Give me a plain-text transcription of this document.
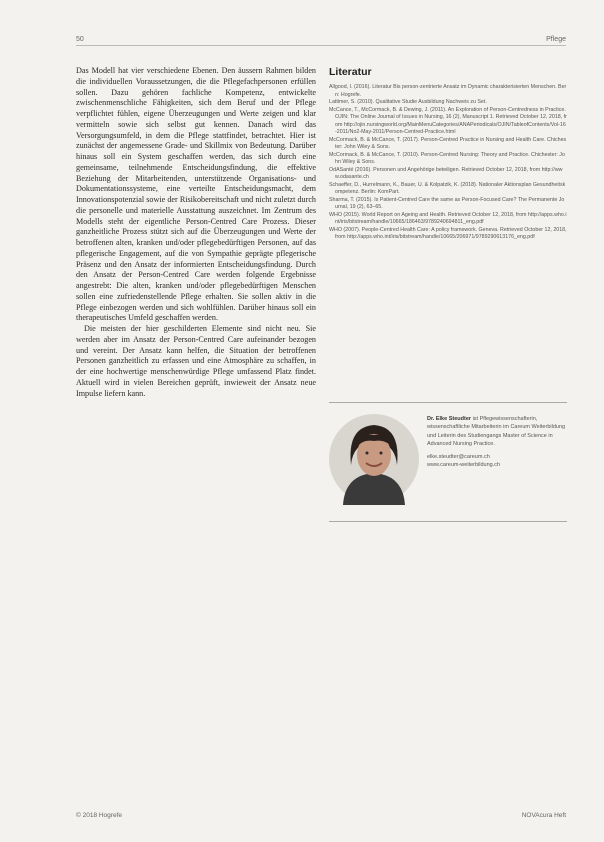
50	Pflege

Das Modell hat vier verschiedene Ebenen. Den äussern Rahmen bilden die individuellen Voraussetzungen, die die Pflegefachpersonen erfüllen sollen. Dazu gehören fachliche Kompetenz, entwickelte zwischenmenschliche Fähigkeiten, sich dem Beruf und der Pflege verpflichtet fühlen, eigene Überzeugungen und Werte zeigen und klar vermitteln sowie sich selbst gut kennen. Danach wird das Versorgungsumfeld, in dem die Pflege stattfindet, betrachtet. Hier ist zunächst der angemessene Grade- und Skillmix von Bedeutung. Darüber hinaus soll ein System geschaffen werden, das sich durch eine gemeinsame, teilnehmende Entscheidungsfindung, die effektive Beziehung der Mitarbeitenden, unterstützende Organisations- und Dokumentationssysteme, eine verteilte Entscheidungsmacht, dem Innovationspotenzial sowie der Risikobereitschaft und nicht zuletzt durch die personelle und materielle Ausstattung auszeichnet. Im Zentrum des Modells steht der eigentliche Person-Centred Care Prozess. Dieser ganzheitliche Prozess stützt sich auf die Überzeugungen und Werte der betroffenen alten, kranken und/oder pflegebedürftigen Personen, auf das pflegerische Engagement, auf die von Sympathie geprägte pflegerische Präsenz und den Ansatz der informierten Entscheidungsfindung. Durch den Ansatz der Person-Centred Care werden folgende Ergebnisse angestrebt: Die alten, kranken und/oder pflegebedürftigen Menschen sollen eine zufriedenstellende Pflege erhalten. Sie sollen aktiv in die Pflege einbezogen werden und sich wohlfühlen. Darüber hinaus soll ein therapeutisches Umfeld geschaffen werden.

Die meisten der hier geschilderten Elemente sind nicht neu. Sie werden aber im Ansatz der Person-Centred Care aufeinander bezogen und vereint. Der Ansatz kann helfen, die Situation der betroffenen Personen ganzheitlich zu erfassen und eine Atmosphäre zu schaffen, in der eine hochwertige menschenwürdige Pflege umfassend Platz findet. Aktuell wird in vielen Bereichen geprüft, inwieweit der Ansatz neue Impulse liefern kann.

Literatur
Allgood, I. (2016). Literatur Bis person-zentrierte Ansatz im Dynamic charakterisierten Menschen. Bern: Hogrefe.
Lattimer, S. (2010). Qualitative Studie Ausbildung Nachweis zu Set.
McCance, T., McCormack, B. & Dewing, J. (2011). An Exploration of Person-Centredness in Practice. OJIN: The Online Journal of Issues in Nursing, 16 (2), Manuscript 1. Retrieved October 12, 2018, from http://ojin.nursingworld.org/MainMenuCategories/ANAPeriodicals/OJIN/TableofContents/Vol-16-2011/No2-May-2011/Person-Centred-Practice.html
McCormack, B. & McCance, T. (2017). Person-Centred Practice in Nursing and Health Care. Chichester: John Wiley & Sons.
McCormack, B. & McCance, T. (2010). Person-Centred Nursing: Theory and Practice. Chichester: John Wiley & Sons.
OdASanté (2016). Personen und Angehörige beteiligen. Retrieved October 12, 2018, from http://www.odasante.ch
Schaeffer, D., Hurrelmann, K., Bauer, U. & Kolpatzik, K. (2018). Nationaler Aktionsplan Gesundheitskompetenz. Berlin: KomPart.
Sharma, T. (2015). Is Patient-Centred Care the same as Person-Focused Care? The Permanente Journal, 19 (2), 63–65.
WHO (2015). World Report on Ageing and Health. Retrieved October 12, 2018, from http://apps.who.int/iris/bitstream/handle/10665/186463/9789240694811_eng.pdf
WHO (2007). People-Centred Health Care: A policy framework. Geneva. Retrieved October 12, 2018, from http://apps.who.int/iris/bitstream/handle/10665/206971/9789290613176_eng.pdf
Dr. Elke Steudter ist Pflegewissenschafterin, wissenschaftliche Mitarbeiterin im Careum Weiterbildung und Leiterin des Studiengangs Master of Science in Advanced Nursing Practice.
elke.steudter@careum.ch
www.careum-weiterbildung.ch
© 2018 Hogrefe	NOVAcura Heft
